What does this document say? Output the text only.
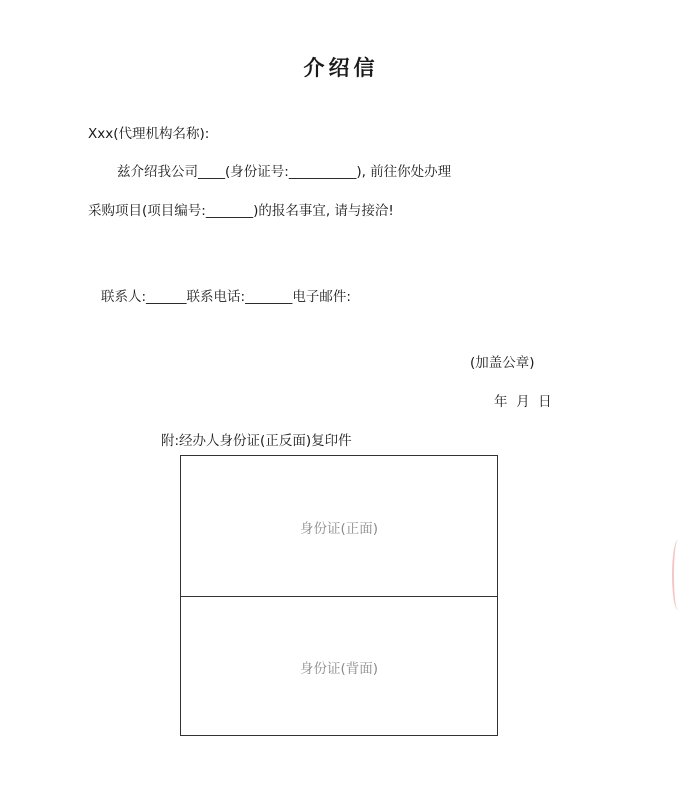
介绍信
Xxx(代理机构名称):
兹介绍我公司____(身份证号:__________), 前往你处办理
采购项目(项目编号:_______)的报名事宜, 请与接洽!
联系人:______联系电话:_______电子邮件:
(加盖公章)
年  月  日
附:经办人身份证(正反面)复印件
身份证(正面)
身份证(背面)
